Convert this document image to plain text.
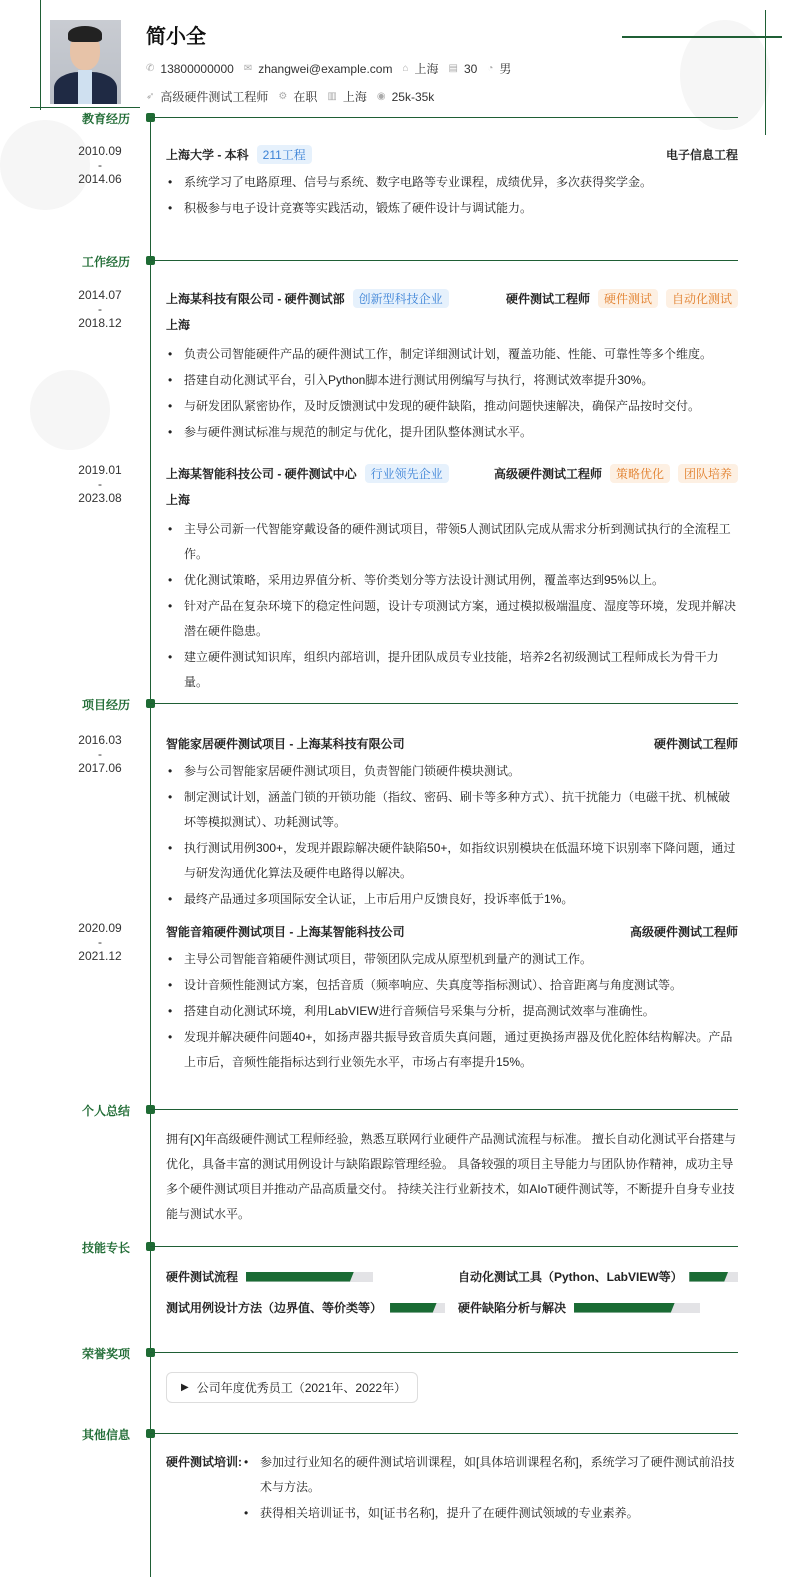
简小全
✆ 13800000000 ✉ zhangwei@example.com ⌂ 上海 ▤ 30 ◔ 男
➶ 高级硬件测试工程师 ⚙ 在职 ▥ 上海 ◉ 25k-35k
教育经历
2010.09
-
2014.06
上海大学 - 本科	211工程	电子信息工程
• 系统学习了电路原理、信号与系统、数字电路等专业课程，成绩优异，多次获得奖学金。
• 积极参与电子设计竞赛等实践活动，锻炼了硬件设计与调试能力。
工作经历
2014.07
-
2018.12
上海某科技有限公司 - 硬件测试部	创新型科技企业	硬件测试工程师	硬件测试	自动化测试
上海
• 负责公司智能硬件产品的硬件测试工作，制定详细测试计划，覆盖功能、性能、可靠性等多个维度。
• 搭建自动化测试平台，引入Python脚本进行测试用例编写与执行，将测试效率提升30%。
• 与研发团队紧密协作，及时反馈测试中发现的硬件缺陷，推动问题快速解决，确保产品按时交付。
• 参与硬件测试标准与规范的制定与优化，提升团队整体测试水平。
2019.01
-
2023.08
上海某智能科技公司 - 硬件测试中心	行业领先企业	高级硬件测试工程师	策略优化	团队培养
上海
• 主导公司新一代智能穿戴设备的硬件测试项目，带领5人测试团队完成从需求分析到测试执行的全流程工作。
• 优化测试策略，采用边界值分析、等价类划分等方法设计测试用例，覆盖率达到95%以上。
• 针对产品在复杂环境下的稳定性问题，设计专项测试方案，通过模拟极端温度、湿度等环境，发现并解决潜在硬件隐患。
• 建立硬件测试知识库，组织内部培训，提升团队成员专业技能，培养2名初级测试工程师成长为骨干力量。
项目经历
2016.03
-
2017.06
智能家居硬件测试项目 - 上海某科技有限公司	硬件测试工程师
• 参与公司智能家居硬件测试项目，负责智能门锁硬件模块测试。
• 制定测试计划，涵盖门锁的开锁功能（指纹、密码、刷卡等多种方式）、抗干扰能力（电磁干扰、机械破坏等模拟测试）、功耗测试等。
• 执行测试用例300+，发现并跟踪解决硬件缺陷50+，如指纹识别模块在低温环境下识别率下降问题，通过与研发沟通优化算法及硬件电路得以解决。
• 最终产品通过多项国际安全认证，上市后用户反馈良好，投诉率低于1%。
2020.09
-
2021.12
智能音箱硬件测试项目 - 上海某智能科技公司	高级硬件测试工程师
• 主导公司智能音箱硬件测试项目，带领团队完成从原型机到量产的测试工作。
• 设计音频性能测试方案，包括音质（频率响应、失真度等指标测试）、拾音距离与角度测试等。
• 搭建自动化测试环境，利用LabVIEW进行音频信号采集与分析，提高测试效率与准确性。
• 发现并解决硬件问题40+，如扬声器共振导致音质失真问题，通过更换扬声器及优化腔体结构解决。产品上市后，音频性能指标达到行业领先水平，市场占有率提升15%。
个人总结
拥有[X]年高级硬件测试工程师经验，熟悉互联网行业硬件产品测试流程与标准。 擅长自动化测试平台搭建与优化，具备丰富的测试用例设计与缺陷跟踪管理经验。 具备较强的项目主导能力与团队协作精神，成功主导多个硬件测试项目并推动产品高质量交付。 持续关注行业新技术，如AIoT硬件测试等，不断提升自身专业技能与测试水平。
技能专长
硬件测试流程	自动化测试工具（Python、LabVIEW等）
测试用例设计方法（边界值、等价类等）	硬件缺陷分析与解决
荣誉奖项
▶ 公司年度优秀员工（2021年、2022年）
其他信息
硬件测试培训:	• 参加过行业知名的硬件测试培训课程，如[具体培训课程名称]，系统学习了硬件测试前沿技术与方法。
• 获得相关培训证书，如[证书名称]，提升了在硬件测试领域的专业素养。
